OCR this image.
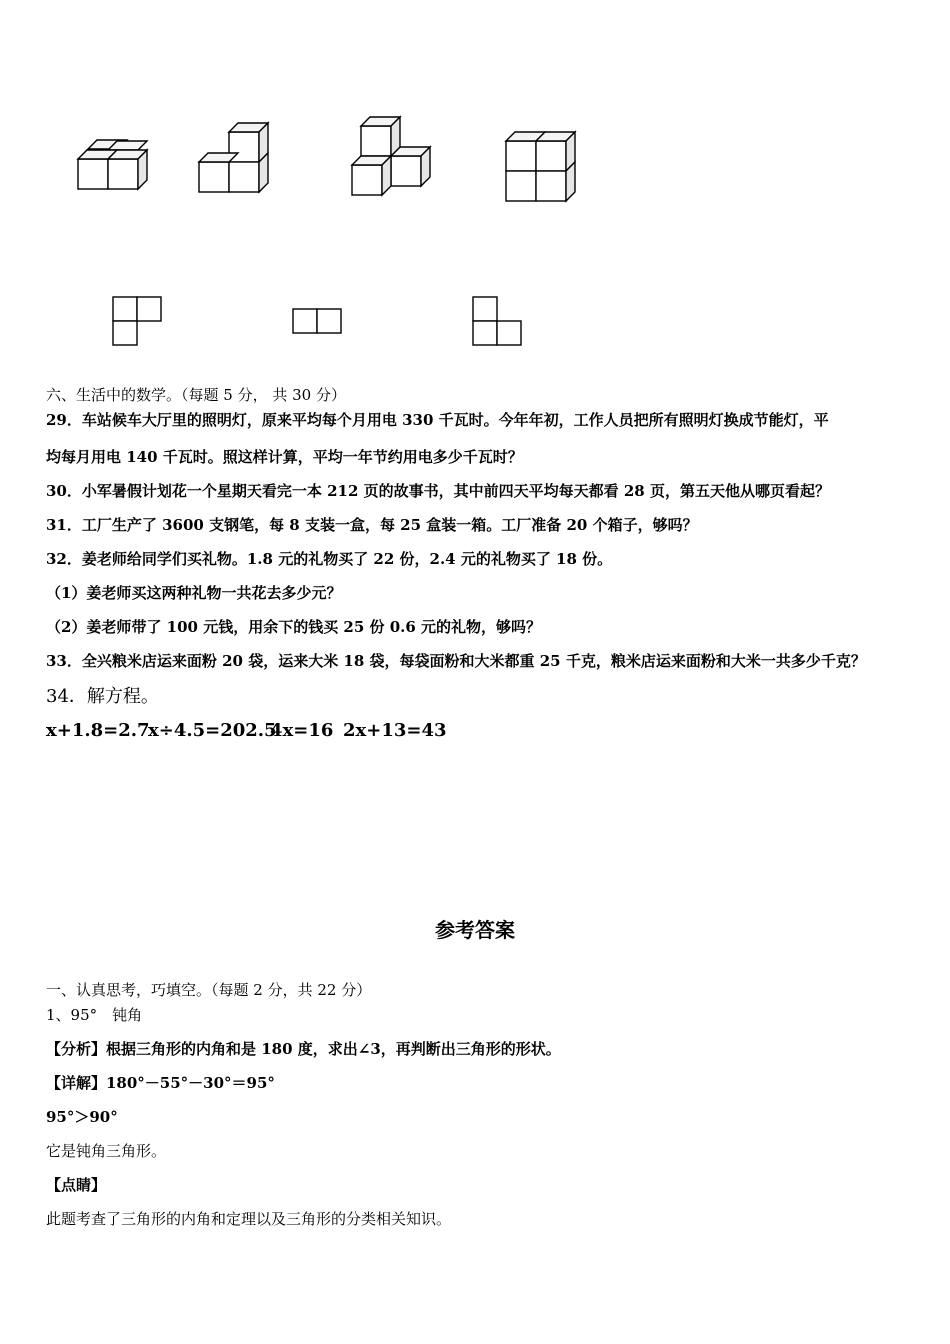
六、生活中的数学。（每题 5 分， 共 30 分）
29．车站候车大厅里的照明灯，原来平均每个月用电 330 千瓦时。今年年初，工作人员把所有照明灯换成节能灯，平
均每月用电 140 千瓦时。照这样计算，平均一年节约用电多少千瓦时？
30．小军暑假计划花一个星期天看完一本 212 页的故事书，其中前四天平均每天都看 28 页，第五天他从哪页看起？
31．工厂生产了 3600 支钢笔，每 8 支装一盒，每 25 盒装一箱。工厂准备 20 个箱子，够吗？
32．姜老师给同学们买礼物。1.8 元的礼物买了 22 份，2.4 元的礼物买了 18 份。
（1）姜老师买这两种礼物一共花去多少元？
（2）姜老师带了 100 元钱，用余下的钱买 25 份 0.6 元的礼物，够吗？
33．全兴粮米店运来面粉 20 袋，运来大米 18 袋，每袋面粉和大米都重 25 千克，粮米店运来面粉和大米一共多少千克？
34．解方程。
x+1.8=2.7
x÷4.5=202.5
4x=16 2x+13=43
参考答案
一、认真思考，巧填空。（每题 2 分，共 22 分）
1、95°　钝角
【分析】根据三角形的内角和是 180 度，求出∠3，再判断出三角形的形状。
【详解】180°－55°－30°＝95°
95°＞90°
它是钝角三角形。
【点睛】
此题考查了三角形的内角和定理以及三角形的分类相关知识。
